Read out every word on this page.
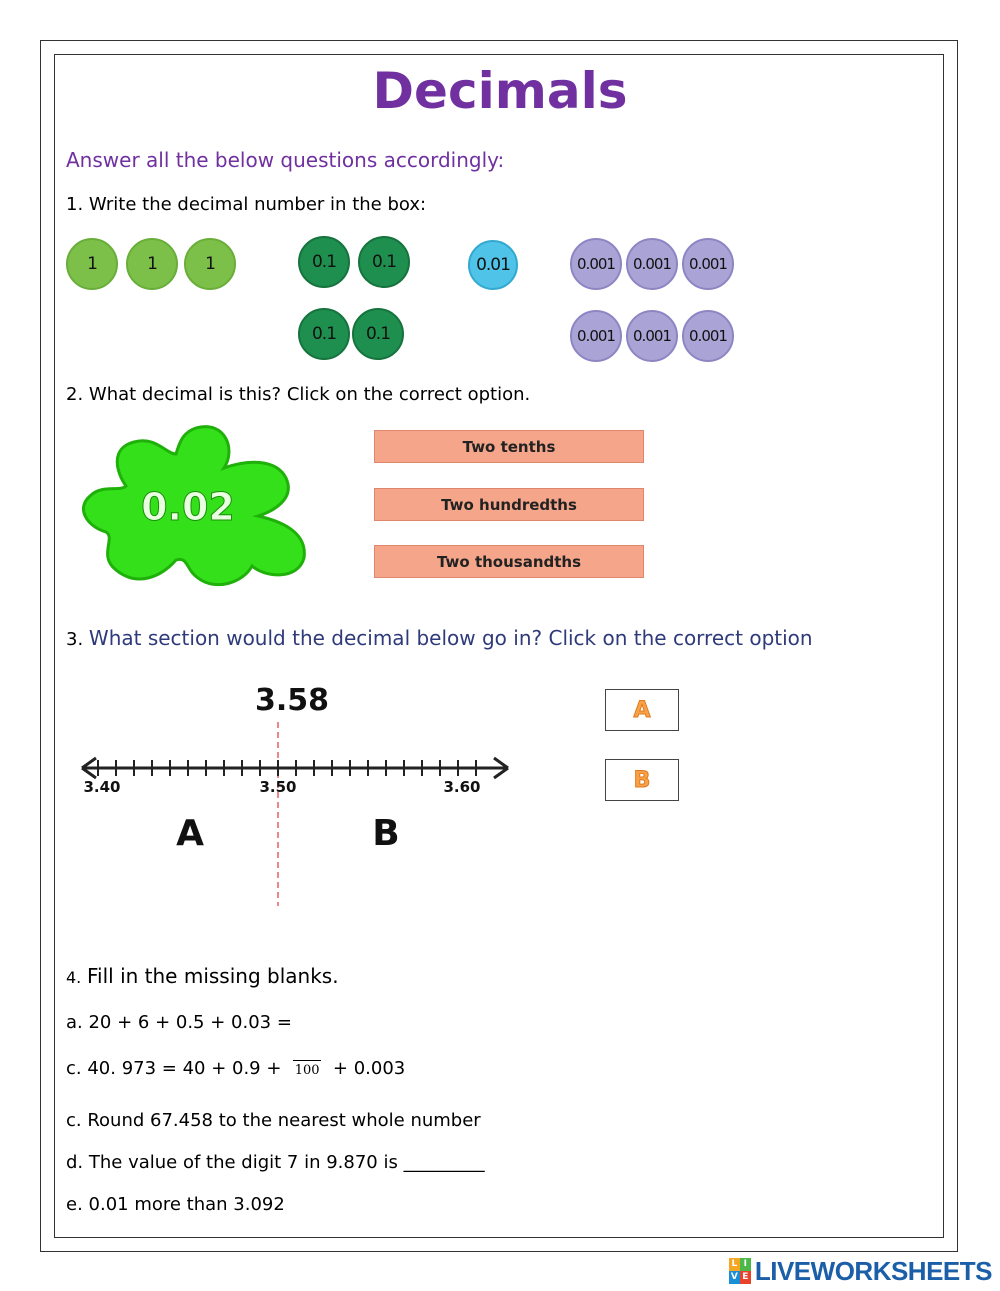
Decimals
Answer all the below questions accordingly:
1. Write the decimal number in the box:
1	1	1	0.1	0.1
0.1	0.1
0.01	0.001	0.001	0.001
0.001	0.001	0.001
2. What decimal is this? Click on the correct option.
0.02
Two tenths
Two hundredths
Two thousandths
3. What section would the decimal below go in? Click on the correct option
3.58
3.40	3.50	3.60
A	B
A
B
4. Fill in the missing blanks.
a. 20 + 6 + 0.5 + 0.03 =
c. 40. 973 = 40 + 0.9 + 100 + 0.003
c. Round 67.458 to the nearest whole number
d. The value of the digit 7 in 9.870 is _________
e. 0.01 more than 3.092
L I
V E LIVEWORKSHEETS
